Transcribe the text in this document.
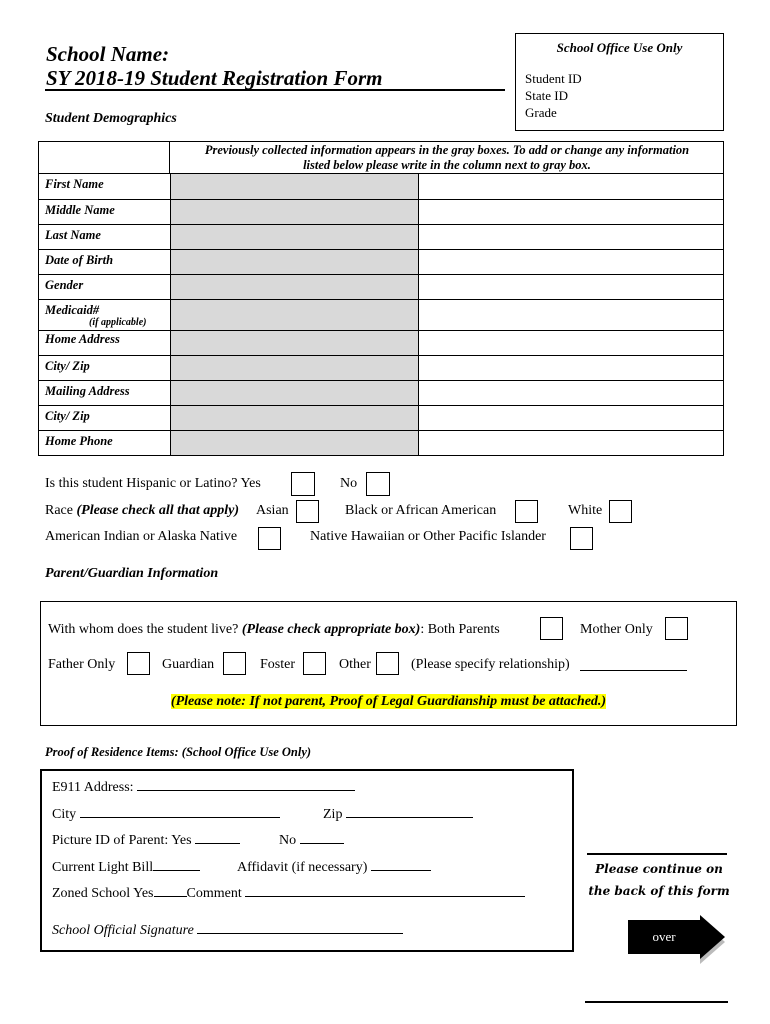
School Name:
SY 2018-19 Student Registration Form
School Office Use Only
Student ID
State ID
Grade
Student Demographics
Previously collected information appears in the gray boxes. To add or change any information
listed below please write in the column next to gray box.
First Name
Middle Name
Last Name
Date of Birth
Gender
Medicaid#
(if applicable)
Home Address
City/ Zip
Mailing Address
City/ Zip
Home Phone
Is this student Hispanic or Latino? Yes	No
Race (Please check all that apply) Asian	Black or African American	White
American Indian or Alaska Native	Native Hawaiian or Other Pacific Islander
Parent/Guardian Information
With whom does the student live? (Please check appropriate box): Both Parents	Mother Only
Father Only	Guardian	Foster	Other	(Please specify relationship)
(Please note: If not parent, Proof of Legal Guardianship must be attached.)
Proof of Residence Items: (School Office Use Only)
E911 Address:
City	Zip
Picture ID of Parent: Yes	No
Current Light Bill	Affidavit (if necessary)
Zoned School Yes Comment
School Official Signature
Please continue on
the back of this form
over
